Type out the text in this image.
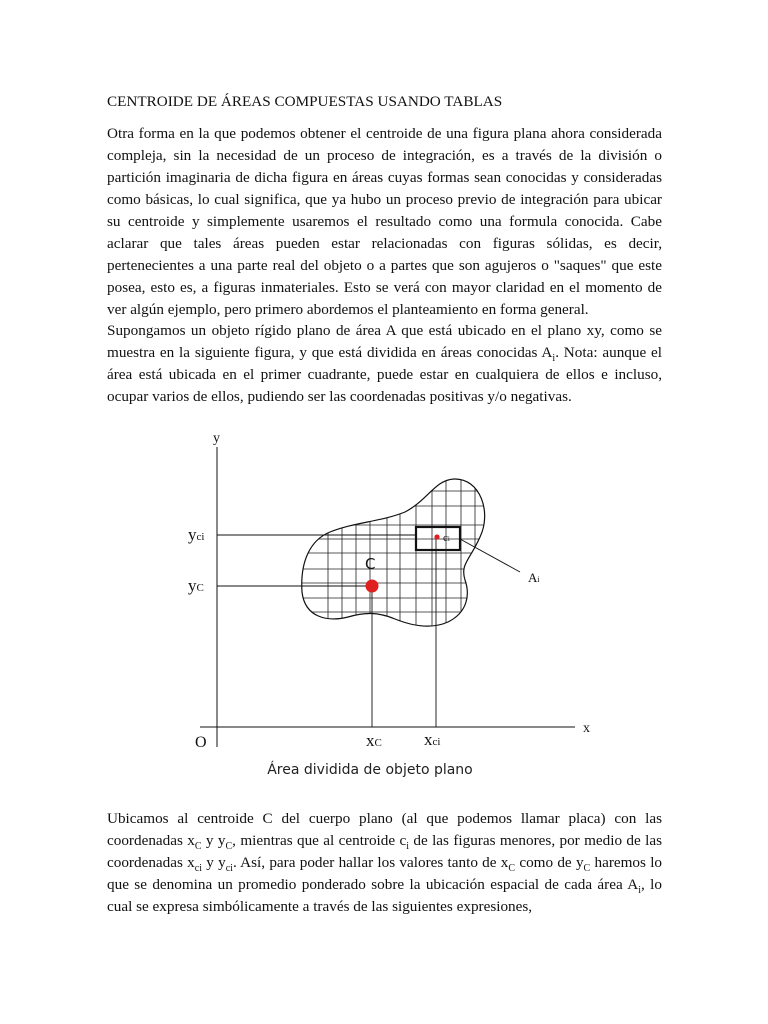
CENTROIDE DE ÁREAS COMPUESTAS USANDO TABLAS

Otra forma en la que podemos obtener el centroide de una figura plana ahora considerada compleja, sin la necesidad de un proceso de integración, es a través de la división o partición imaginaria de dicha figura en áreas cuyas formas sean conocidas y consideradas como básicas, lo cual significa, que ya hubo un proceso previo de integración para ubicar su centroide y simplemente usaremos el resultado como una formula conocida. Cabe aclarar que tales áreas pueden estar relacionadas con figuras sólidas, es decir, pertenecientes a una parte real del objeto o a partes que son agujeros o "saques" que este posea, esto es, a figuras inmateriales. Esto se verá con mayor claridad en el momento de ver algún ejemplo, pero primero abordemos el planteamiento en forma general.

Supongamos un objeto rígido plano de área A que está ubicado en el plano xy, como se muestra en la siguiente figura, y que está dividida en áreas conocidas $A_i$. Nota: aunque el área está ubicada en el primer cuadrante, puede estar en cualquiera de ellos e incluso, ocupar varios de ellos, pudiendo ser las coordenadas positivas y/o negativas.

y
x
O
yci
yC
xC xci
C
ci
Ai
Área dividida de objeto plano

Ubicamos al centroide C del cuerpo plano (al que podemos llamar placa) con las coordenadas $x_C$ y $y_C$, mientras que al centroide $c_i$ de las figuras menores, por medio de las coordenadas $x_{ci}$ y $y_{ci}$. Así, para poder hallar los valores tanto de $x_C$ como de $y_C$ haremos lo que se denomina un promedio ponderado sobre la ubicación espacial de cada área $A_i$, lo cual se expresa simbólicamente a través de las siguientes expresiones,
